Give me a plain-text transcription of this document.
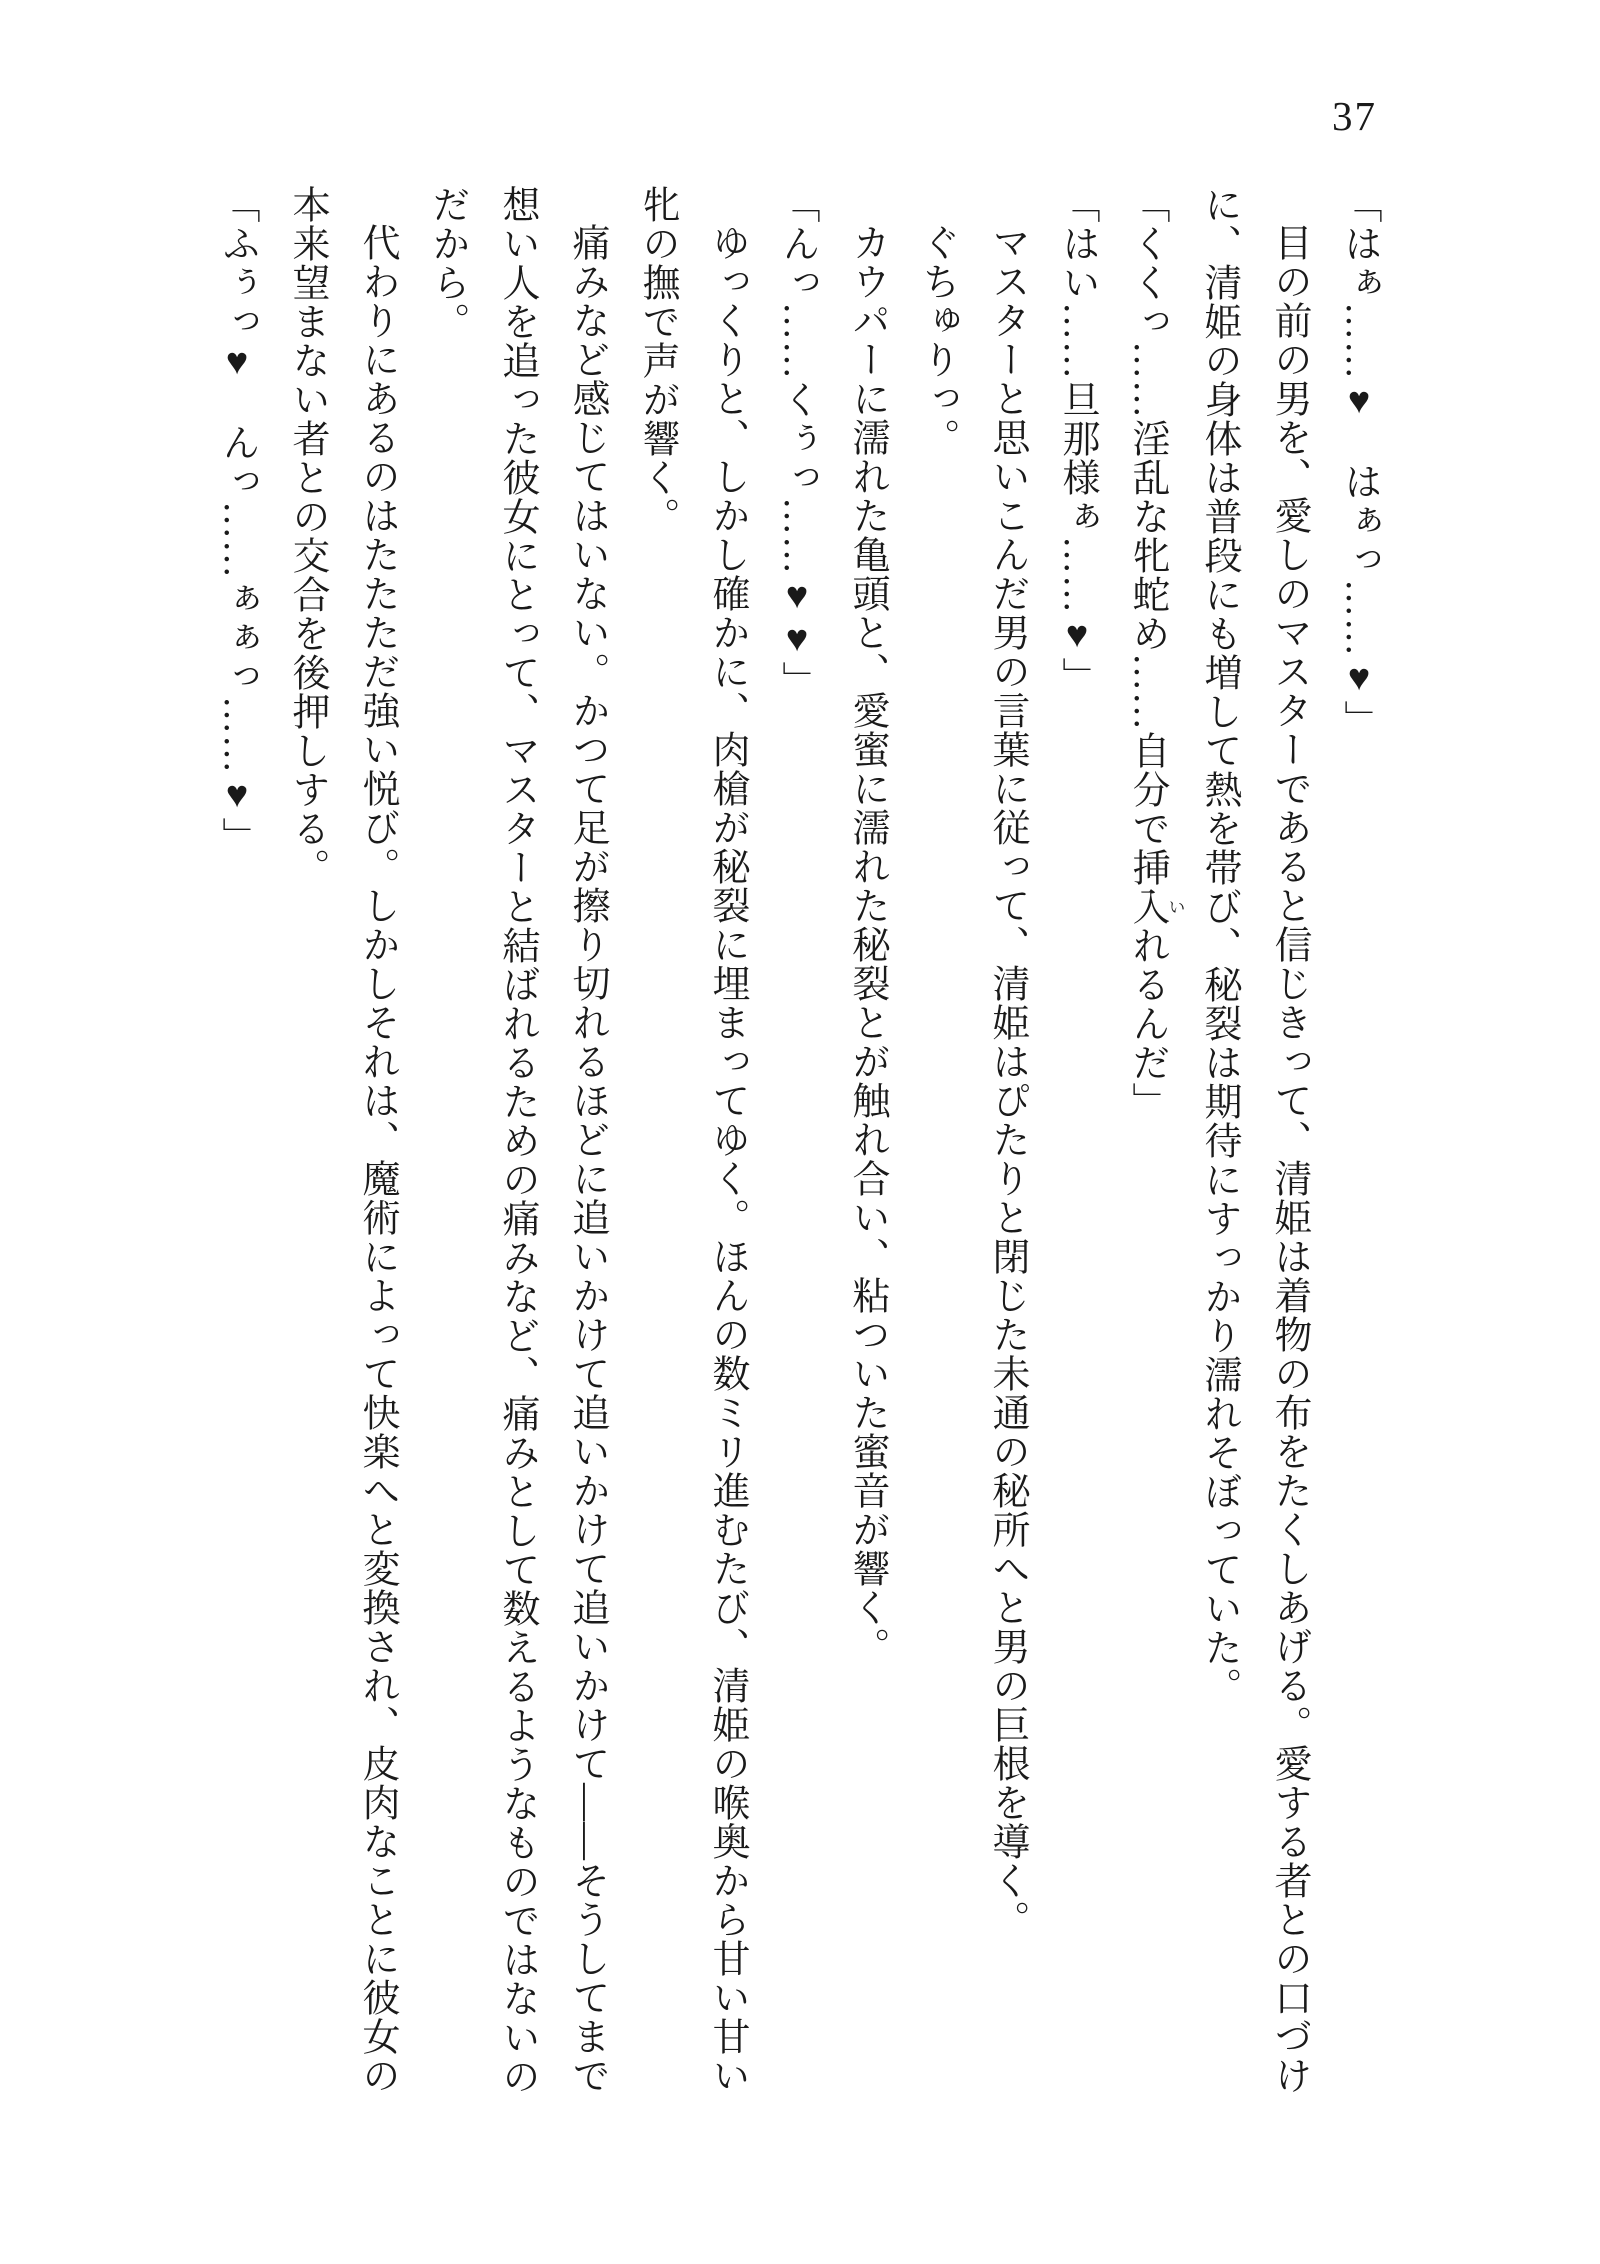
37

「はぁ……♥　はぁっ……♥」

目の前の男を、愛しのマスターであると信じきって、清姫は着物の布をたくしあげる。愛する者との口づけに、清姫の身体は普段にも増して熱を帯び、秘裂は期待にすっかり濡れそぼっていた。

「くくっ……淫乱な牝蛇め……自分で挿入いれるんだ」

「はい……旦那様ぁ……♥」

マスターと思いこんだ男の言葉に従って、清姫はぴたりと閉じた未通の秘所へと男の巨根を導く。

ぐちゅりっ。

カウパーに濡れた亀頭と、愛蜜に濡れた秘裂とが触れ合い、粘ついた蜜音が響く。

「んっ……くぅっ……♥♥」

ゆっくりと、しかし確かに、肉槍が秘裂に埋まってゆく。ほんの数ミリ進むたび、清姫の喉奥から甘い甘い牝の撫で声が響く。

痛みなど感じてはいない。かつて足が擦り切れるほどに追いかけて追いかけて追いかけて——そうしてまで想い人を追った彼女にとって、マスターと結ばれるための痛みなど、痛みとして数えるようなものではないのだから。

代わりにあるのはたたただ強い悦び。しかしそれは、魔術によって快楽へと変換され、皮肉なことに彼女の本来望まない者との交合を後押しする。

「ふぅっ♥　んっ……ぁぁっ……♥」
